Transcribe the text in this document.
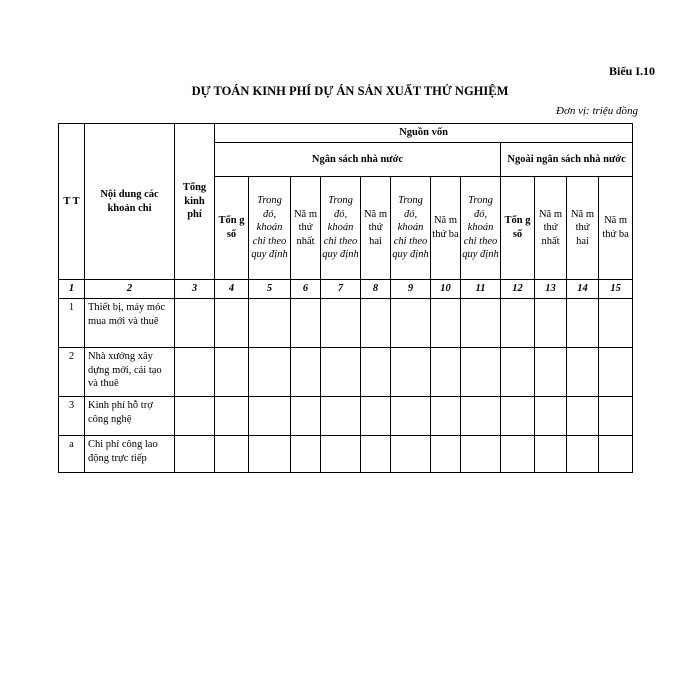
Biểu I.10
DỰ TOÁN KINH PHÍ DỰ ÁN SẢN XUẤT THỬ NGHIỆM
Đơn vị: triệu đồng
T T	Nội dung các khoản chi	Tổng kinh phí	Nguồn vốn											
			Ngân sách nhà nước								Ngoài ngân sách nhà nước			
			Tổn g số	Trong đó, khoán chi theo quy định	Nă m thứ nhất	Trong đó, khoán chi theo quy định	Nă m thứ hai	Trong đó, khoán chi theo quy định	Nă m thứ ba	Trong đó, khoán chi theo quy định	Tổn g số	Nă m thứ nhất	Nă m thứ hai	Nă m thứ ba
1	2	3	4	5	6	7	8	9	10	11	12	13	14	15
1	Thiết bị, máy móc mua mới và thuê													
2	Nhà xưởng xây dựng mới, cải tạo và thuê													
3	Kinh phí hỗ trợ công nghệ													
a	Chi phí công lao động trực tiếp													
